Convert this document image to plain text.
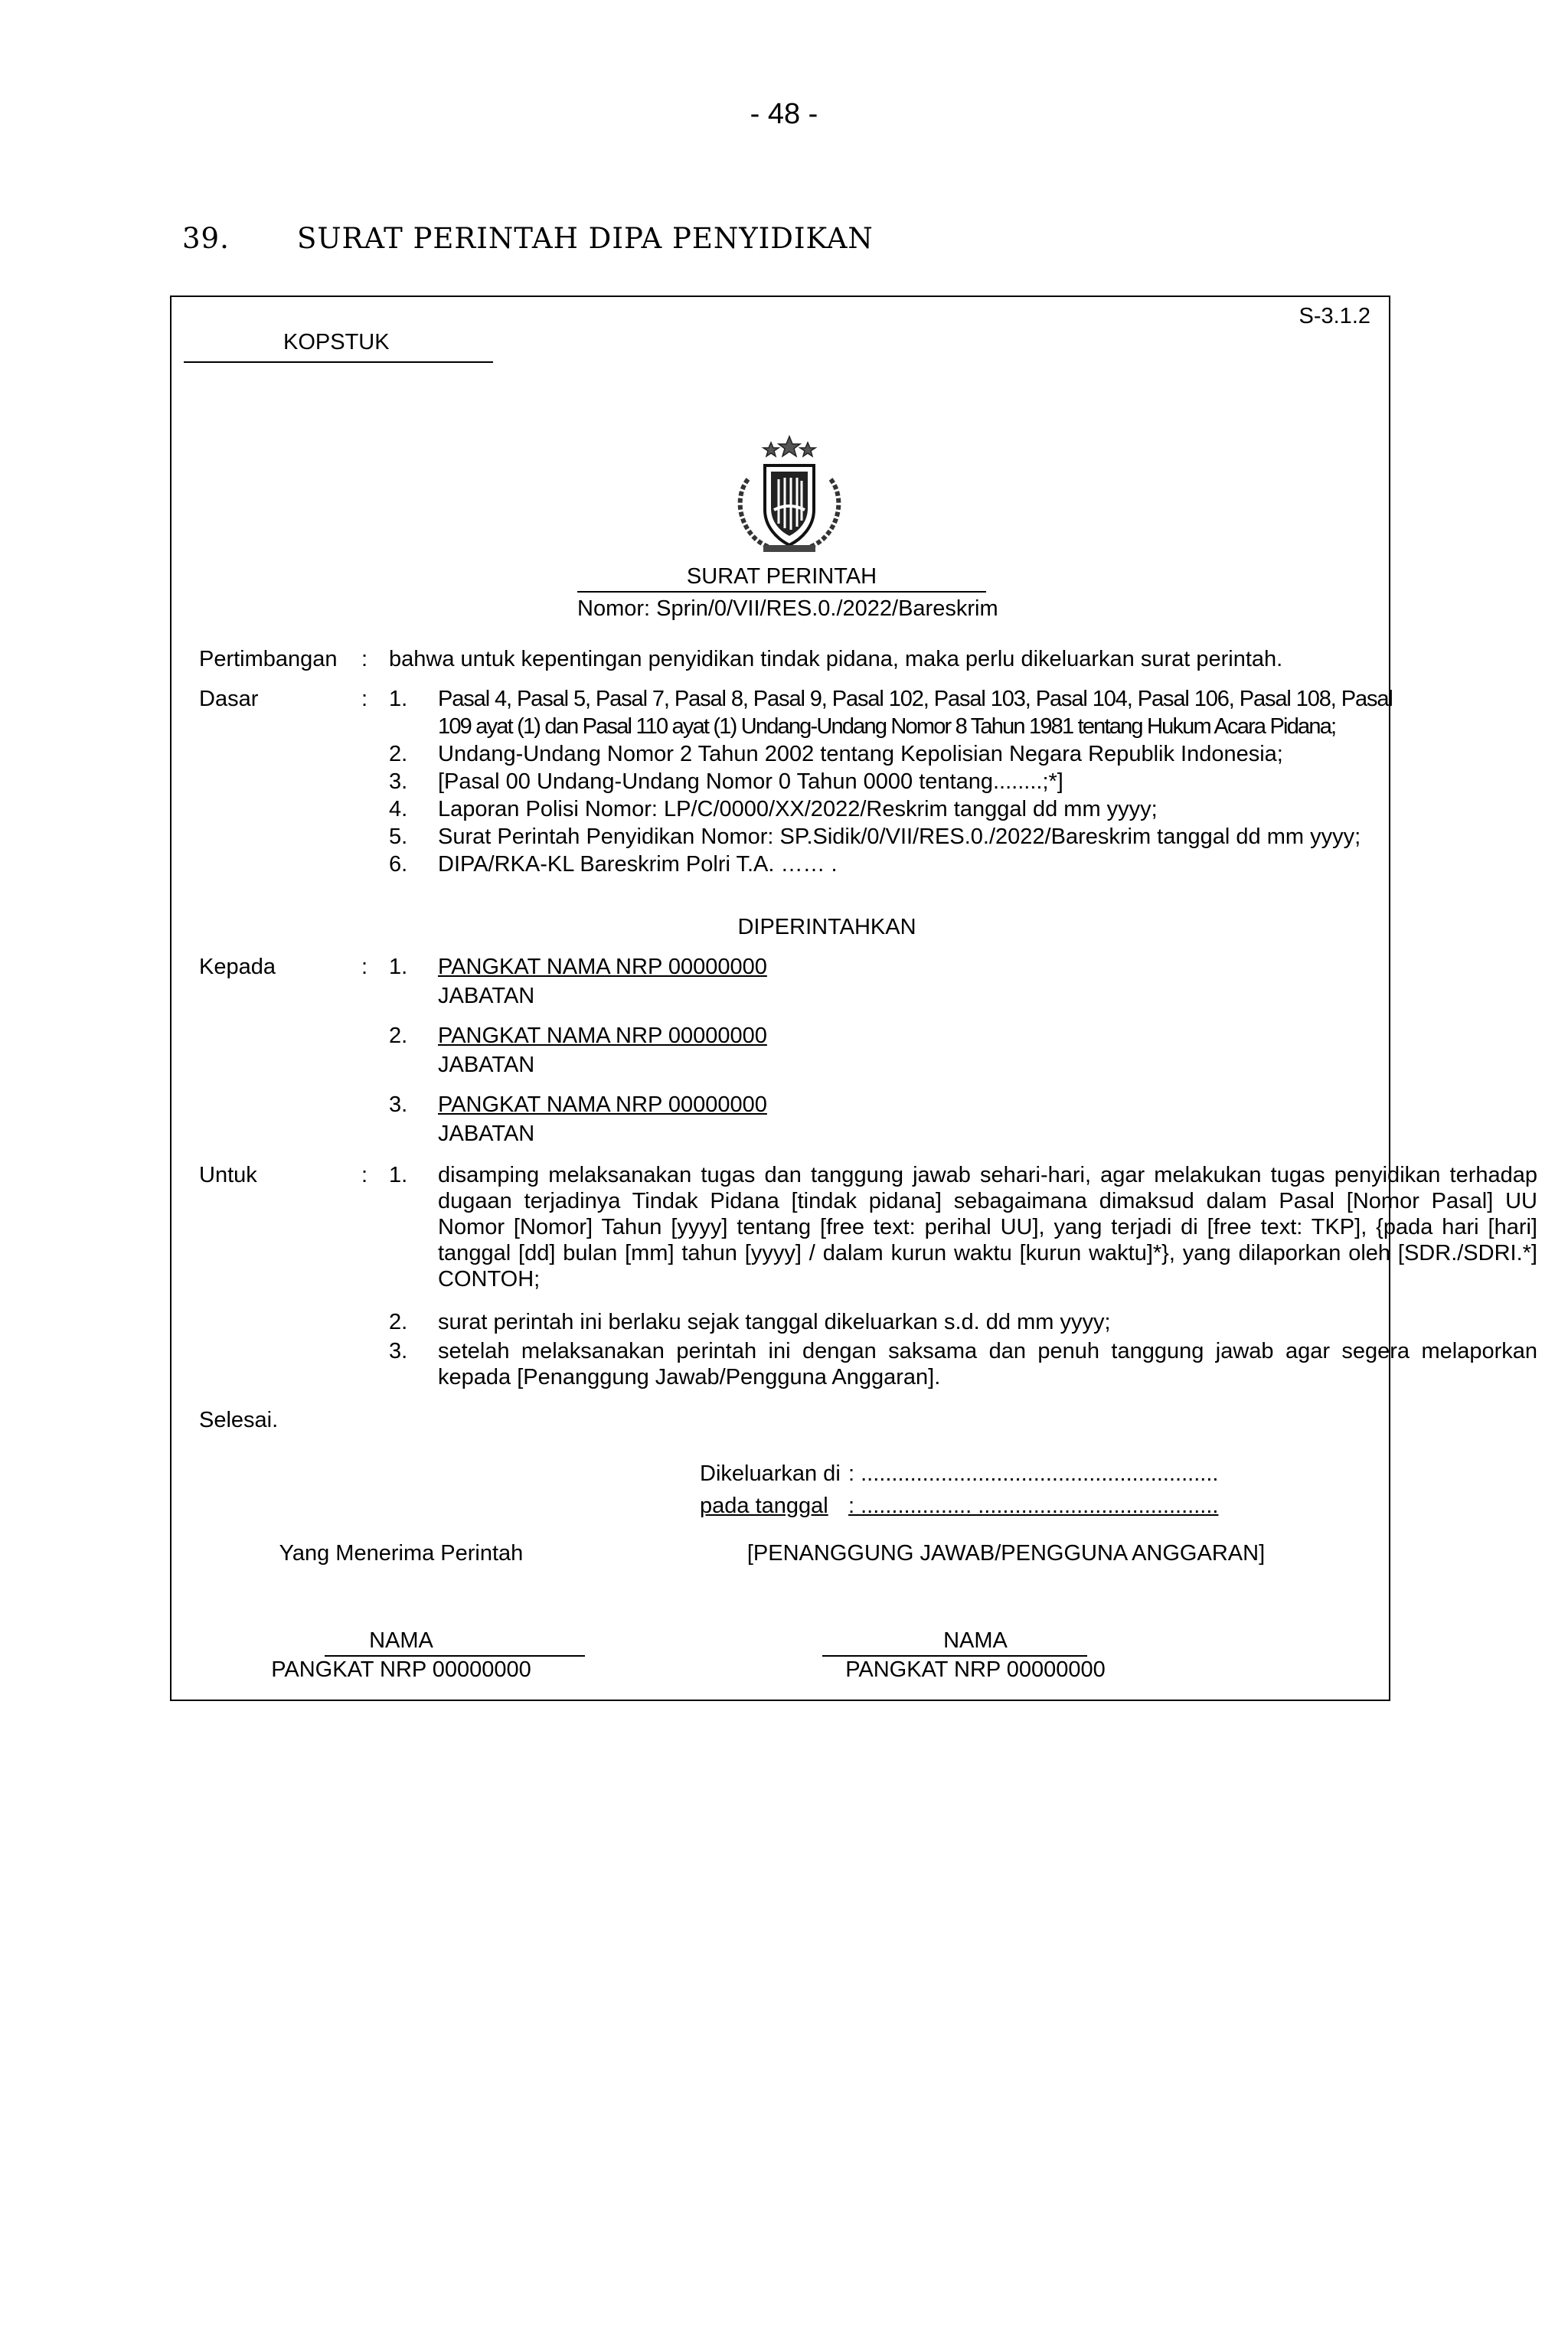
- 48 -
39. SURAT PERINTAH DIPA PENYIDIKAN
S-3.1.2
KOPSTUK
SURAT PERINTAH
Nomor: Sprin/0/VII/RES.0./2022/Bareskrim
Pertimbangan : bahwa untuk kepentingan penyidikan tindak pidana, maka perlu dikeluarkan surat perintah.
Dasar	: 1.	Pasal 4, Pasal 5, Pasal 7, Pasal 8, Pasal 9, Pasal 102, Pasal 103, Pasal 104, Pasal 106, Pasal 108, Pasal
109 ayat (1) dan Pasal 110 ayat (1) Undang-Undang Nomor 8 Tahun 1981 tentang Hukum Acara Pidana;
2.	Undang-Undang Nomor 2 Tahun 2002 tentang Kepolisian Negara Republik Indonesia;
3.	[Pasal 00 Undang-Undang Nomor 0 Tahun 0000 tentang........;*]
4.	Laporan Polisi Nomor: LP/C/0000/XX/2022/Reskrim tanggal dd mm yyyy;
5.	Surat Perintah Penyidikan Nomor: SP.Sidik/0/VII/RES.0./2022/Bareskrim tanggal dd mm yyyy;
6.	DIPA/RKA-KL Bareskrim Polri T.A. …… .
DIPERINTAHKAN
Kepada	: 1.	PANGKAT NAMA NRP 00000000
JABATAN
2.	PANGKAT NAMA NRP 00000000
JABATAN
3.	PANGKAT NAMA NRP 00000000
JABATAN
Untuk	: 1.	disamping melaksanakan tugas dan tanggung jawab sehari-hari, agar melakukan tugas penyidikan terhadap dugaan terjadinya Tindak Pidana [tindak pidana] sebagaimana dimaksud dalam Pasal [Nomor Pasal] UU Nomor [Nomor] Tahun [yyyy] tentang [free text: perihal UU], yang terjadi di [free text: TKP], {pada hari [hari] tanggal [dd] bulan [mm] tahun [yyyy] / dalam kurun waktu [kurun waktu]*}, yang dilaporkan oleh [SDR./SDRI.*] CONTOH;
2.	surat perintah ini berlaku sejak tanggal dikeluarkan s.d. dd mm yyyy;
3.	setelah melaksanakan perintah ini dengan saksama dan penuh tanggung jawab agar segera melaporkan kepada [Penanggung Jawab/Pengguna Anggaran].
Selesai.
Dikeluarkan di : ..........................................................
pada tanggal : .................. .......................................
Yang Menerima Perintah	[PENANGGUNG JAWAB/PENGGUNA ANGGARAN]
NAMA
PANGKAT NRP 00000000
NAMA
PANGKAT NRP 00000000
